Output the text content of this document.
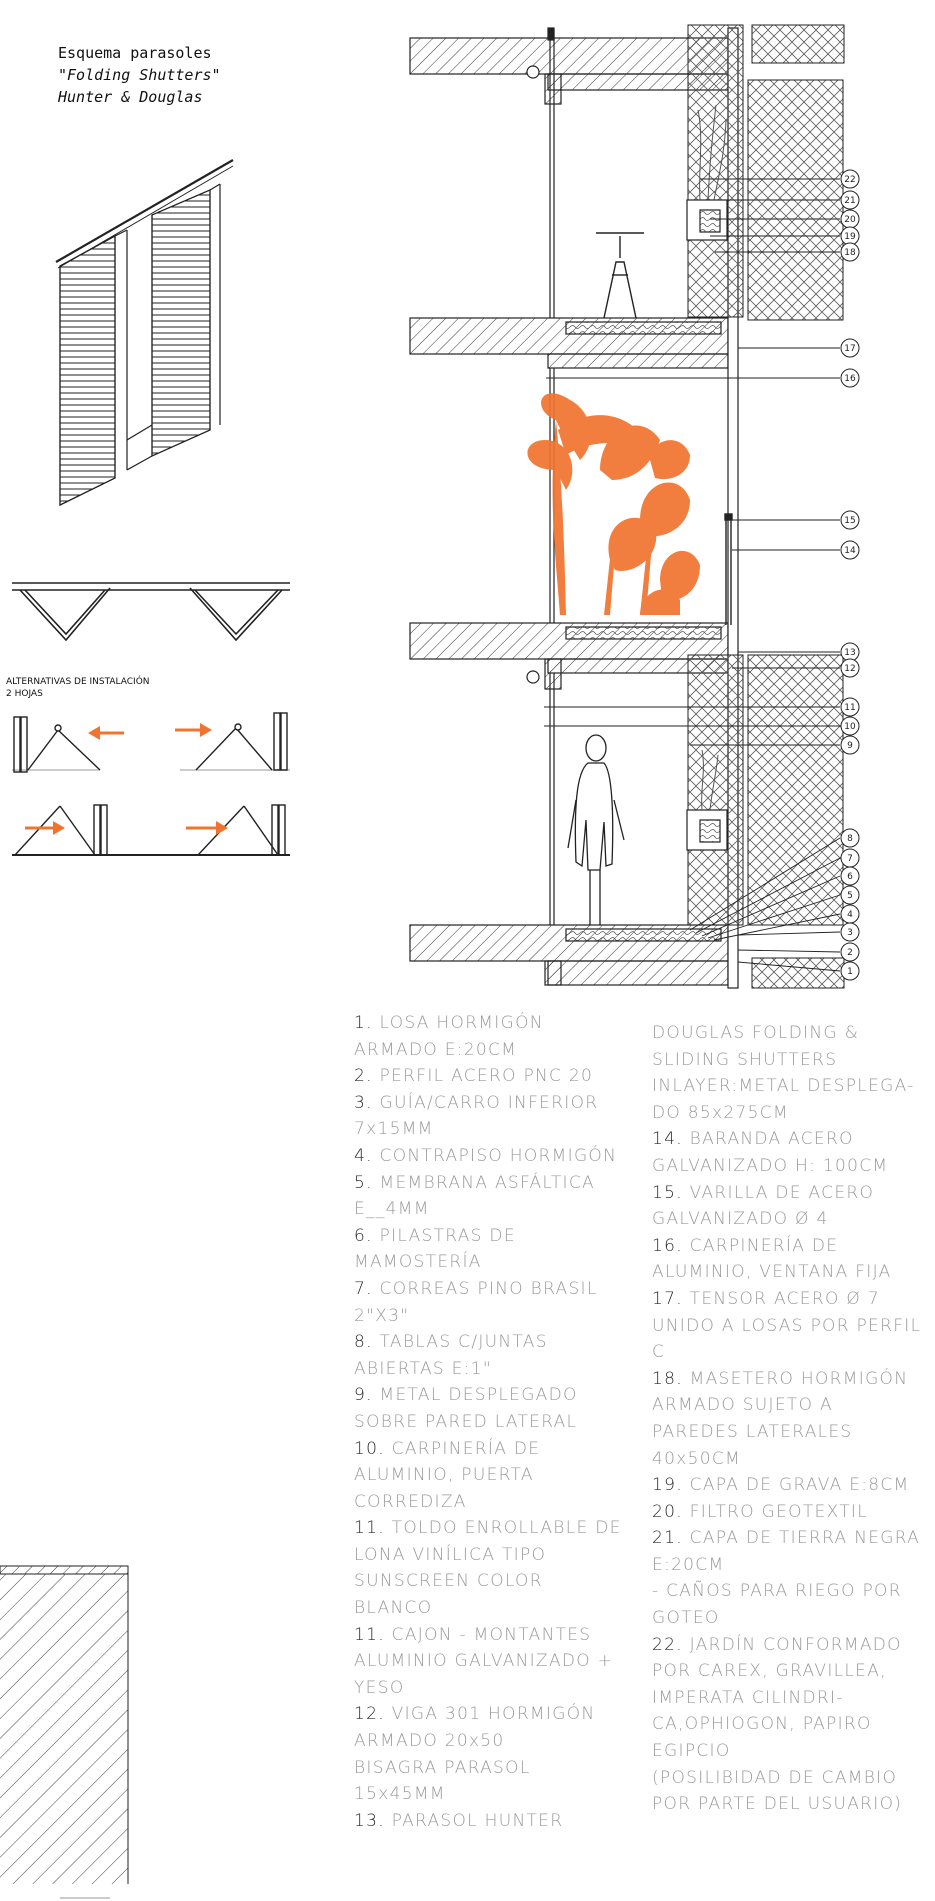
Esquema parasoles
"Folding Shutters"
Hunter & Douglas
ALTERNATIVAS DE INSTALACIÓN
2 HOJAS
22
21
20
19
18
17
16
15
14
13
12
11
10
9
8
7
6
5
4
3
2
1
1. LOSA HORMIGÓN
ARMADO E:20CM
2. PERFIL ACERO PNC 20
3. GUÍA/CARRO INFERIOR
7x15MM
4. CONTRAPISO HORMIGÓN
5. MEMBRANA ASFÁLTICA
E__4MM
6. PILASTRAS DE
MAMOSTERÍA
7. CORREAS PINO BRASIL
2"X3"
8. TABLAS C/JUNTAS
ABIERTAS E:1"
9. METAL DESPLEGADO
SOBRE PARED LATERAL
10. CARPINERÍA DE
ALUMINIO, PUERTA
CORREDIZA
11. TOLDO ENROLLABLE DE
LONA VINÍLICA TIPO
SUNSCREEN COLOR BLANCO
11. CAJON - MONTANTES
ALUMINIO GALVANIZADO +
YESO
12. VIGA 301 HORMIGÓN
ARMADO 20x50
BISAGRA PARASOL
15x45MM
13. PARASOL HUNTER
DOUGLAS FOLDING &
SLIDING SHUTTERS
INLAYER:METAL DESPLEGA-
DO 85x275CM
14. BARANDA ACERO
GALVANIZADO H: 100CM
15. VARILLA DE ACERO
GALVANIZADO Ø 4
16. CARPINERÍA DE
ALUMINIO, VENTANA FIJA
17. TENSOR ACERO Ø 7
UNIDO A LOSAS POR PERFIL
C
18. MASETERO HORMIGÓN
ARMADO SUJETO A
PAREDES LATERALES
40x50CM
19. CAPA DE GRAVA E:8CM
20. FILTRO GEOTEXTIL
21. CAPA DE TIERRA NEGRA
E:20CM
- CAÑOS PARA RIEGO POR
GOTEO
22. JARDÍN CONFORMADO
POR CAREX, GRAVILLEA,
IMPERATA CILINDRI-
CA,OPHIOGON, PAPIRO
EGIPCIO
(POSILIBIDAD DE CAMBIO
POR PARTE DEL USUARIO)
